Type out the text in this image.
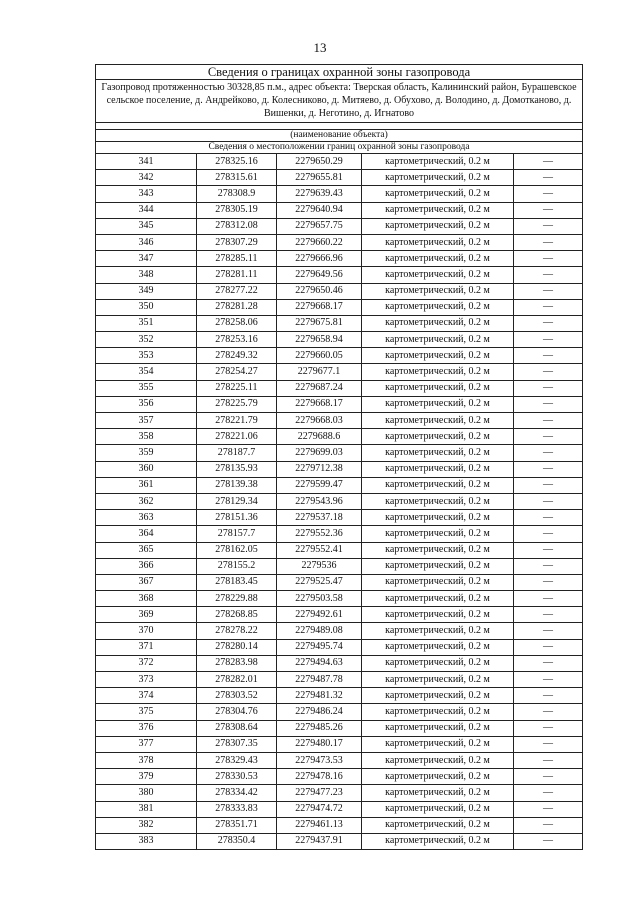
13
Сведения о границах охранной зоны газопровода				
Газопровод протяженностью 30328,85 п.м., адрес объекта: Тверская область, Калининский район, Бурашевское сельское поселение, д. Андрейково, д. Колесниково, д. Митяево, д. Обухово, д. Володино, д. Домотканово, д. Вишенки, д. Неготино, д. Игнатово				

(наименование объекта)				
Сведения о местоположении границ охранной зоны газопровода				
341	278325.16	2279650.29	картометрический, 0.2 м	—
342	278315.61	2279655.81	картометрический, 0.2 м	—
343	278308.9	2279639.43	картометрический, 0.2 м	—
344	278305.19	2279640.94	картометрический, 0.2 м	—
345	278312.08	2279657.75	картометрический, 0.2 м	—
346	278307.29	2279660.22	картометрический, 0.2 м	—
347	278285.11	2279666.96	картометрический, 0.2 м	—
348	278281.11	2279649.56	картометрический, 0.2 м	—
349	278277.22	2279650.46	картометрический, 0.2 м	—
350	278281.28	2279668.17	картометрический, 0.2 м	—
351	278258.06	2279675.81	картометрический, 0.2 м	—
352	278253.16	2279658.94	картометрический, 0.2 м	—
353	278249.32	2279660.05	картометрический, 0.2 м	—
354	278254.27	2279677.1	картометрический, 0.2 м	—
355	278225.11	2279687.24	картометрический, 0.2 м	—
356	278225.79	2279668.17	картометрический, 0.2 м	—
357	278221.79	2279668.03	картометрический, 0.2 м	—
358	278221.06	2279688.6	картометрический, 0.2 м	—
359	278187.7	2279699.03	картометрический, 0.2 м	—
360	278135.93	2279712.38	картометрический, 0.2 м	—
361	278139.38	2279599.47	картометрический, 0.2 м	—
362	278129.34	2279543.96	картометрический, 0.2 м	—
363	278151.36	2279537.18	картометрический, 0.2 м	—
364	278157.7	2279552.36	картометрический, 0.2 м	—
365	278162.05	2279552.41	картометрический, 0.2 м	—
366	278155.2	2279536	картометрический, 0.2 м	—
367	278183.45	2279525.47	картометрический, 0.2 м	—
368	278229.88	2279503.58	картометрический, 0.2 м	—
369	278268.85	2279492.61	картометрический, 0.2 м	—
370	278278.22	2279489.08	картометрический, 0.2 м	—
371	278280.14	2279495.74	картометрический, 0.2 м	—
372	278283.98	2279494.63	картометрический, 0.2 м	—
373	278282.01	2279487.78	картометрический, 0.2 м	—
374	278303.52	2279481.32	картометрический, 0.2 м	—
375	278304.76	2279486.24	картометрический, 0.2 м	—
376	278308.64	2279485.26	картометрический, 0.2 м	—
377	278307.35	2279480.17	картометрический, 0.2 м	—
378	278329.43	2279473.53	картометрический, 0.2 м	—
379	278330.53	2279478.16	картометрический, 0.2 м	—
380	278334.42	2279477.23	картометрический, 0.2 м	—
381	278333.83	2279474.72	картометрический, 0.2 м	—
382	278351.71	2279461.13	картометрический, 0.2 м	—
383	278350.4	2279437.91	картометрический, 0.2 м	—
